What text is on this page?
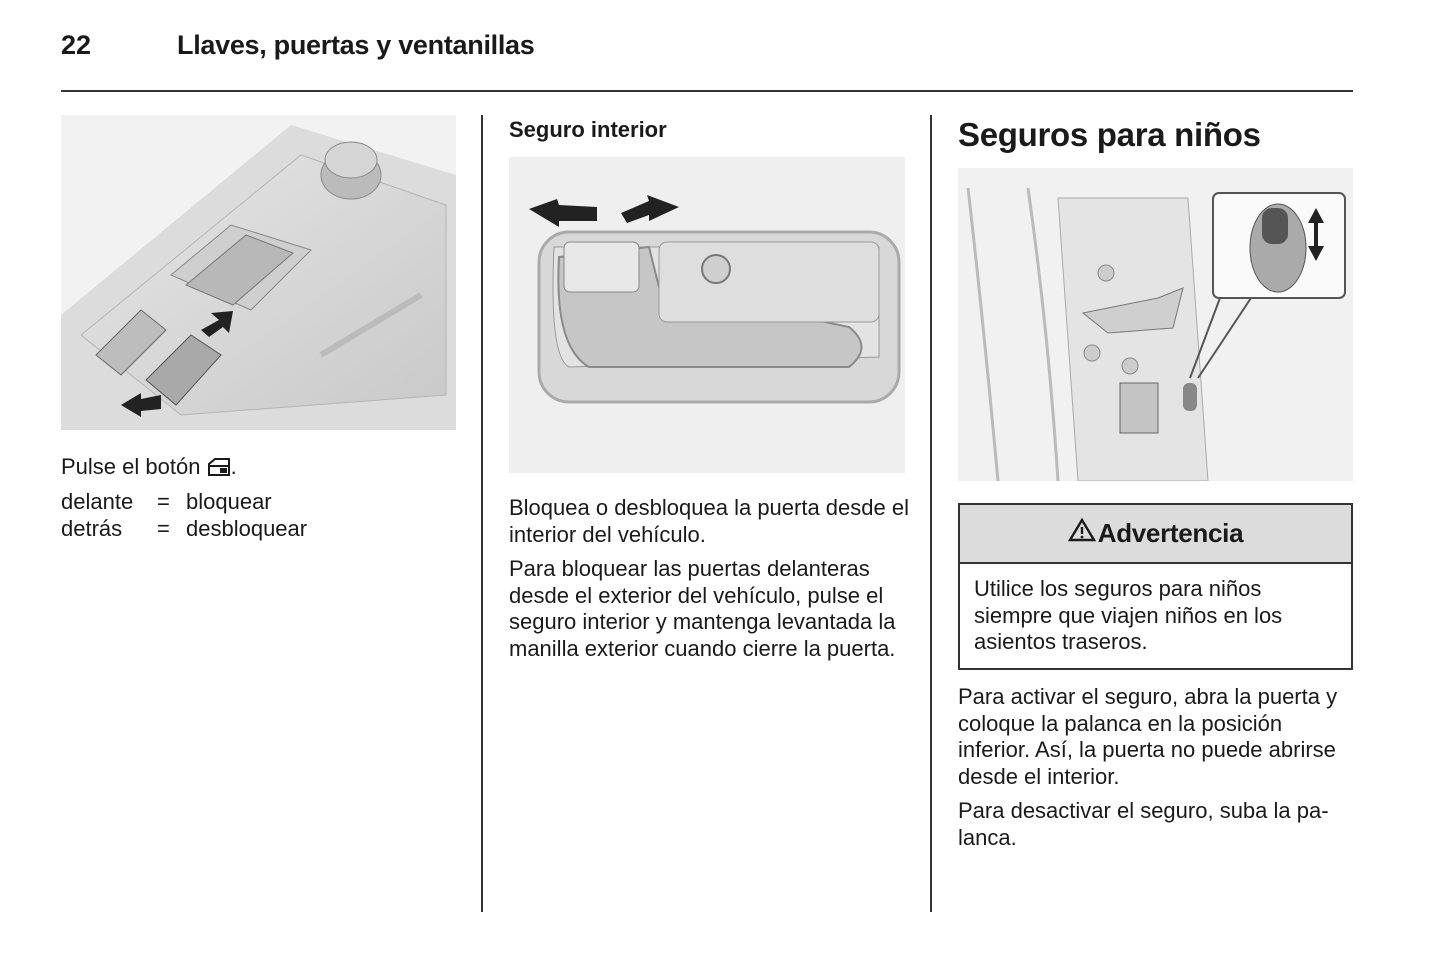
22	Llaves, puertas y ventanillas
Pulse el botón .
delante	= bloquear
detrás	= desbloquear
Seguro interior

Bloquea o desbloquea la puerta desde el interior del vehículo.

Para bloquear las puertas delanteras desde el exterior del vehículo, pulse el seguro interior y mantenga levantada la manilla exterior cuando cierre la puerta.

Seguros para niños
Advertencia
Utilice los seguros para niños siempre que viajen niños en los asientos traseros.

Para activar el seguro, abra la puerta y coloque la palanca en la posición inferior. Así, la puerta no puede abrirse desde el interior.

Para desactivar el seguro, suba la palanca.
